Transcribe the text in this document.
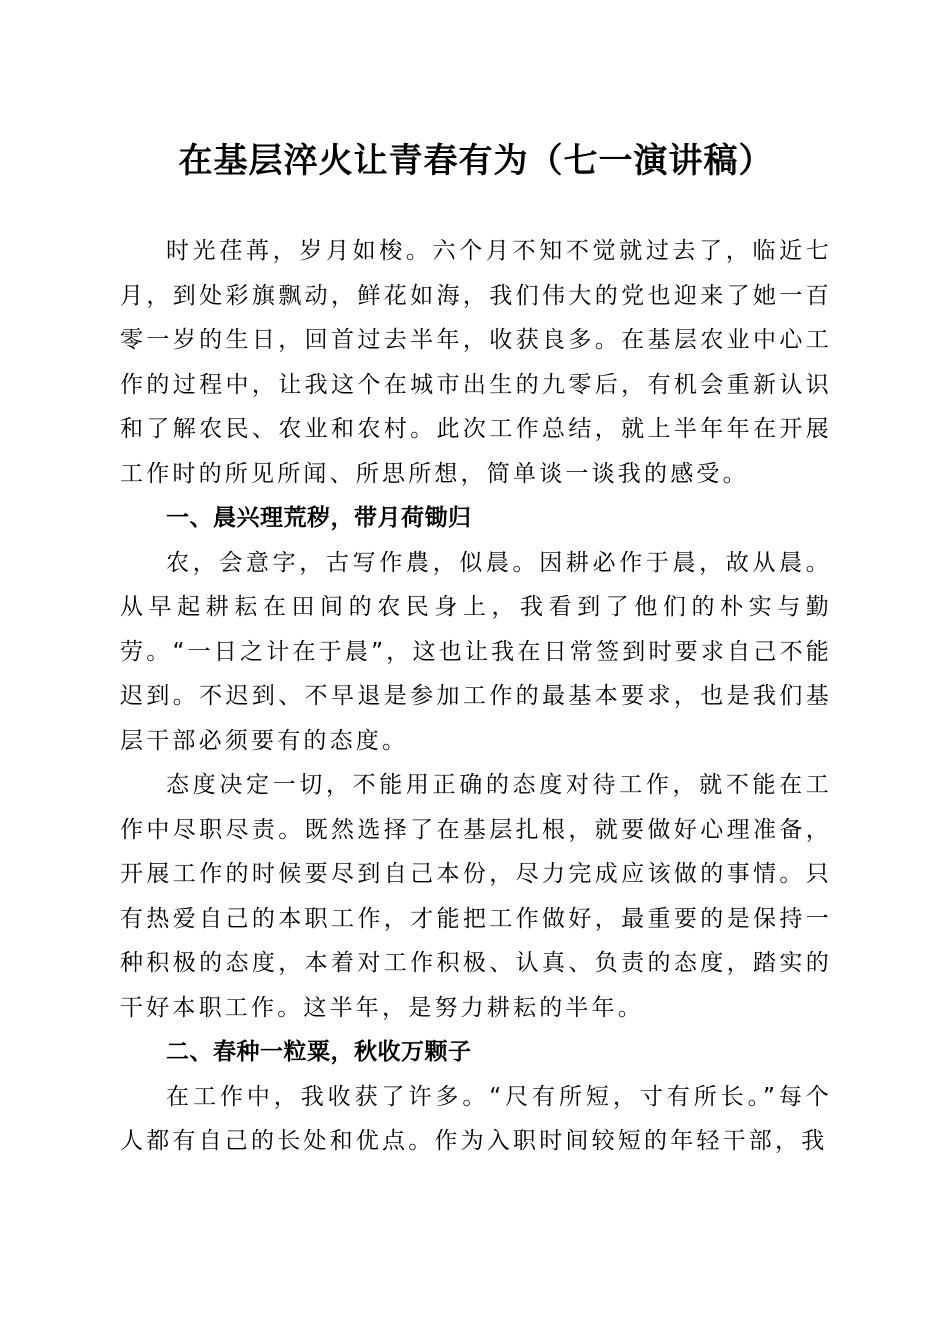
在基层淬火让青春有为（七一演讲稿）

时光荏苒，岁月如梭。六个月不知不觉就过去了，临近七月，到处彩旗飘动，鲜花如海，我们伟大的党也迎来了她一百零一岁的生日，回首过去半年，收获良多。在基层农业中心工作的过程中，让我这个在城市出生的九零后，有机会重新认识和了解农民、农业和农村。此次工作总结，就上半年年在开展工作时的所见所闻、所思所想，简单谈一谈我的感受。

一、晨兴理荒秽，带月荷锄归

农，会意字，古写作農，似晨。因耕必作于晨，故从晨。从早起耕耘在田间的农民身上，我看到了他们的朴实与勤劳。“一日之计在于晨”，这也让我在日常签到时要求自己不能迟到。不迟到、不早退是参加工作的最基本要求，也是我们基层干部必须要有的态度。

态度决定一切，不能用正确的态度对待工作，就不能在工作中尽职尽责。既然选择了在基层扎根，就要做好心理准备，开展工作的时候要尽到自己本份，尽力完成应该做的事情。只有热爱自己的本职工作，才能把工作做好，最重要的是保持一种积极的态度，本着对工作积极、认真、负责的态度，踏实的干好本职工作。这半年，是努力耕耘的半年。

二、春种一粒粟，秋收万颗子

在工作中，我收获了许多。“尺有所短，寸有所长。”每个人都有自己的长处和优点。作为入职时间较短的年轻干部，我
